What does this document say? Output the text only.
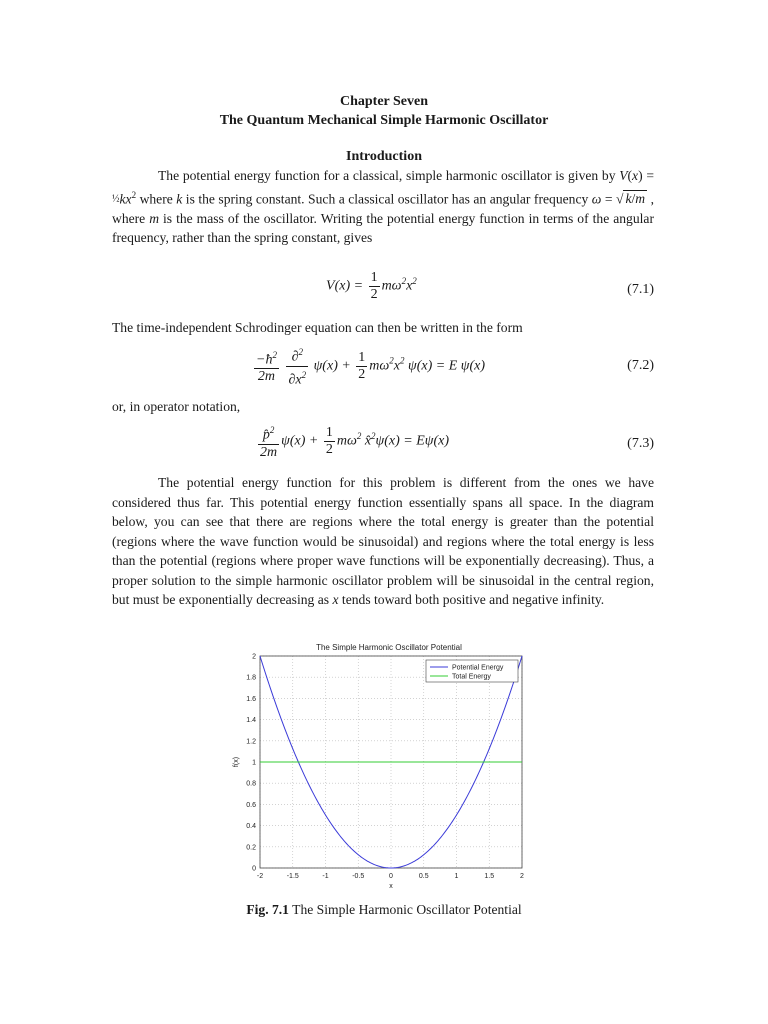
Chapter Seven
The Quantum Mechanical Simple Harmonic Oscillator
Introduction
The potential energy function for a classical, simple harmonic oscillator is given by $V(x) = \frac{1}{2}kx^2$ where k is the spring constant. Such a classical oscillator has an angular frequency ω = √ k/m , where m is the mass of the oscillator. Writing the potential energy function in terms of the angular frequency, rather than the spring constant, gives
$V(x) = \frac{1}{2} m\omega^2x^2$
(7.1)
The time-independent Schrodinger equation can then be written in the form
$\frac{-ħ^2}{2m}$
$\frac{\partial^2}{\partial x^2} \psi(x) + \frac{1}{2} m\omega^2x^2$ ψ(x) = E ψ(x)	(7.2)
or, in operator notation,
$\frac{p̂^2}{2m} \psi(x) + \frac{1}{2} m\omega^2$ x̂$^2$ψ(x) = Eψ(x)	(7.3)
The potential energy function for this problem is different from the ones we have considered thus far. This potential energy function essentially spans all space. In the diagram below, you can see that there are regions where the total energy is greater than the potential (regions where the wave function would be sinusoidal) and regions where the total energy is less than the potential (regions where proper wave functions will be exponentially decreasing). Thus, a proper solution to the simple harmonic oscillator problem will be sinusoidal in the central region, but must be exponentially decreasing as x tends toward both positive and negative infinity.
The Simple Harmonic Oscillator Potential
-2	-1.5	-1	-0.5	0	0.5	1	1.5	2
0
0.2
0.4
0.6
0.8
1
1.2
1.4
1.6
1.8
2
x
f(x)
Potential Energy
Total Energy
Fig. 7.1 The Simple Harmonic Oscillator Potential
